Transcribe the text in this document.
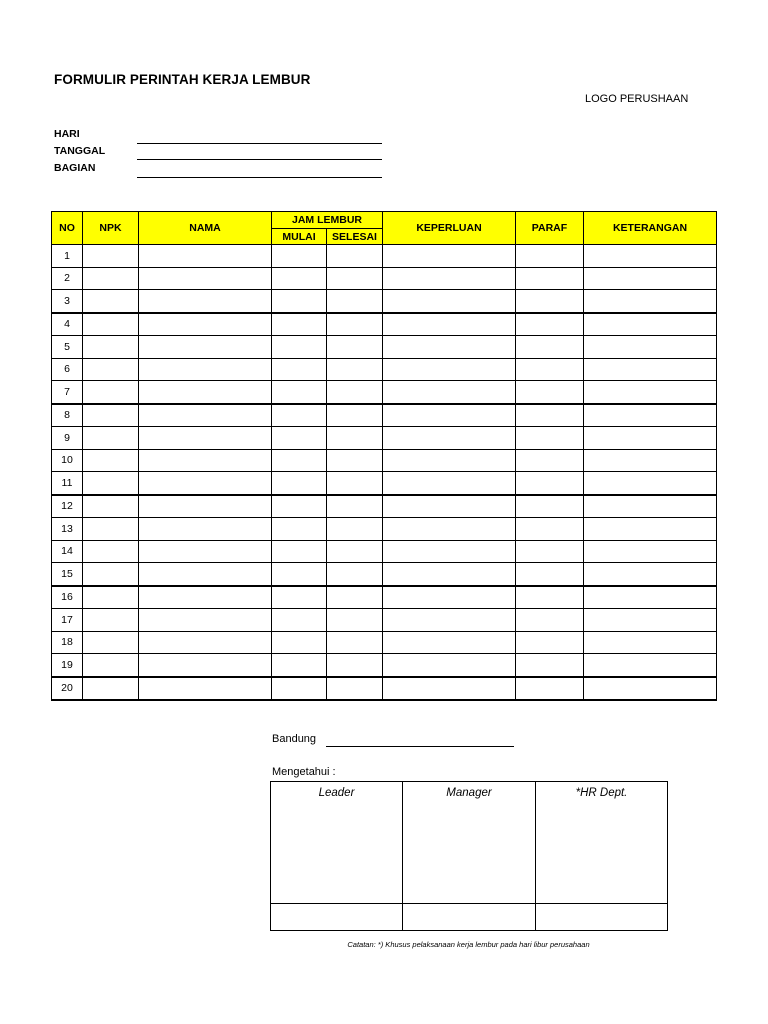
FORMULIR PERINTAH KERJA LEMBUR
LOGO PERUSHAAN
HARI
TANGGAL
BAGIAN
NO	NPK	NAMA	JAM LEMBUR		KEPERLUAN	PARAF	KETERANGAN
			MULAI	SELESAI			
1							
2							
3							
4							
5							
6							
7							
8							
9							
10							
11							
12							
13							
14							
15							
16							
17							
18							
19							
20							
Bandung
Mengetahui :
Leader	Manager	*HR Dept.

Catatan: *) Khusus pelaksanaan kerja lembur pada hari libur perusahaan
